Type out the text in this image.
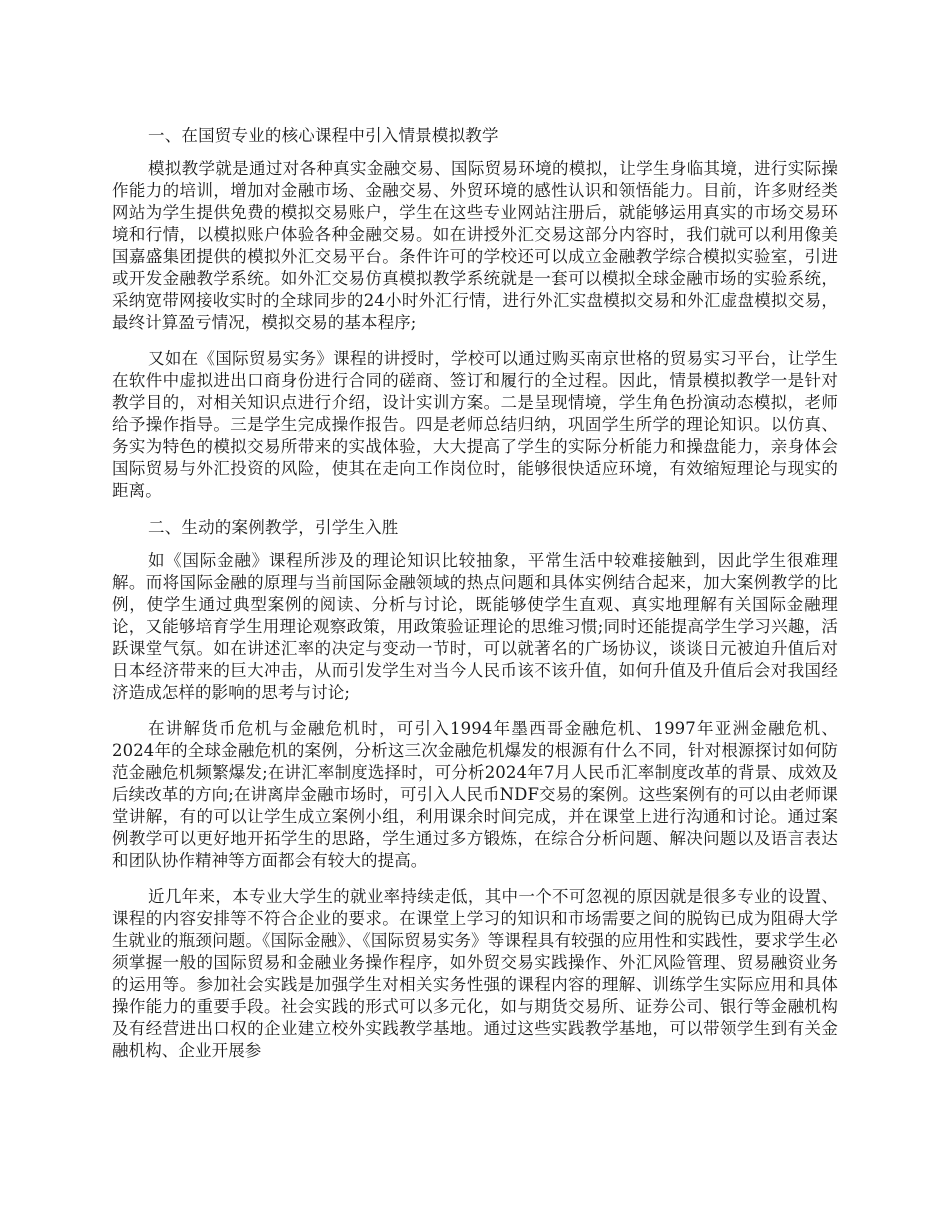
一、在国贸专业的核心课程中引入情景模拟教学

模拟教学就是通过对各种真实金融交易、国际贸易环境的模拟，让学生身临其境，进行实际操作能力的培训，增加对金融市场、金融交易、外贸环境的感性认识和领悟能力。目前，许多财经类网站为学生提供免费的模拟交易账户，学生在这些专业网站注册后，就能够运用真实的市场交易环境和行情，以模拟账户体验各种金融交易。如在讲授外汇交易这部分内容时，我们就可以利用像美国嘉盛集团提供的模拟外汇交易平台。条件许可的学校还可以成立金融教学综合模拟实验室，引进或开发金融教学系统。如外汇交易仿真模拟教学系统就是一套可以模拟全球金融市场的实验系统，采纳宽带网接收实时的全球同步的24小时外汇行情，进行外汇实盘模拟交易和外汇虚盘模拟交易，最终计算盈亏情况，模拟交易的基本程序;

又如在《国际贸易实务》课程的讲授时，学校可以通过购买南京世格的贸易实习平台，让学生在软件中虚拟进出口商身份进行合同的磋商、签订和履行的全过程。因此，情景模拟教学一是针对教学目的，对相关知识点进行介绍，设计实训方案。二是呈现情境，学生角色扮演动态模拟，老师给予操作指导。三是学生完成操作报告。四是老师总结归纳，巩固学生所学的理论知识。以仿真、务实为特色的模拟交易所带来的实战体验，大大提高了学生的实际分析能力和操盘能力，亲身体会国际贸易与外汇投资的风险，使其在走向工作岗位时，能够很快适应环境，有效缩短理论与现实的距离。

二、生动的案例教学，引学生入胜

如《国际金融》课程所涉及的理论知识比较抽象，平常生活中较难接触到，因此学生很难理解。而将国际金融的原理与当前国际金融领域的热点问题和具体实例结合起来，加大案例教学的比例，使学生通过典型案例的阅读、分析与讨论，既能够使学生直观、真实地理解有关国际金融理论，又能够培育学生用理论观察政策，用政策验证理论的思维习惯;同时还能提高学生学习兴趣，活跃课堂气氛。如在讲述汇率的决定与变动一节时，可以就著名的广场协议，谈谈日元被迫升值后对日本经济带来的巨大冲击，从而引发学生对当今人民币该不该升值，如何升值及升值后会对我国经济造成怎样的影响的思考与讨论;

在讲解货币危机与金融危机时，可引入1994年墨西哥金融危机、1997年亚洲金融危机、2024年的全球金融危机的案例，分析这三次金融危机爆发的根源有什么不同，针对根源探讨如何防范金融危机频繁爆发;在讲汇率制度选择时，可分析2024年7月人民币汇率制度改革的背景、成效及后续改革的方向;在讲离岸金融市场时，可引入人民币NDF交易的案例。这些案例有的可以由老师课堂讲解，有的可以让学生成立案例小组，利用课余时间完成，并在课堂上进行沟通和讨论。通过案例教学可以更好地开拓学生的思路，学生通过多方锻炼，在综合分析问题、解决问题以及语言表达和团队协作精神等方面都会有较大的提高。

近几年来，本专业大学生的就业率持续走低，其中一个不可忽视的原因就是很多专业的设置、课程的内容安排等不符合企业的要求。在课堂上学习的知识和市场需要之间的脱钩已成为阻碍大学生就业的瓶颈问题。《国际金融》、《国际贸易实务》等课程具有较强的应用性和实践性，要求学生必须掌握一般的国际贸易和金融业务操作程序，如外贸交易实践操作、外汇风险管理、贸易融资业务的运用等。参加社会实践是加强学生对相关实务性强的课程内容的理解、训练学生实际应用和具体操作能力的重要手段。社会实践的形式可以多元化，如与期货交易所、证券公司、银行等金融机构及有经营进出口权的企业建立校外实践教学基地。通过这些实践教学基地，可以带领学生到有关金融机构、企业开展参
